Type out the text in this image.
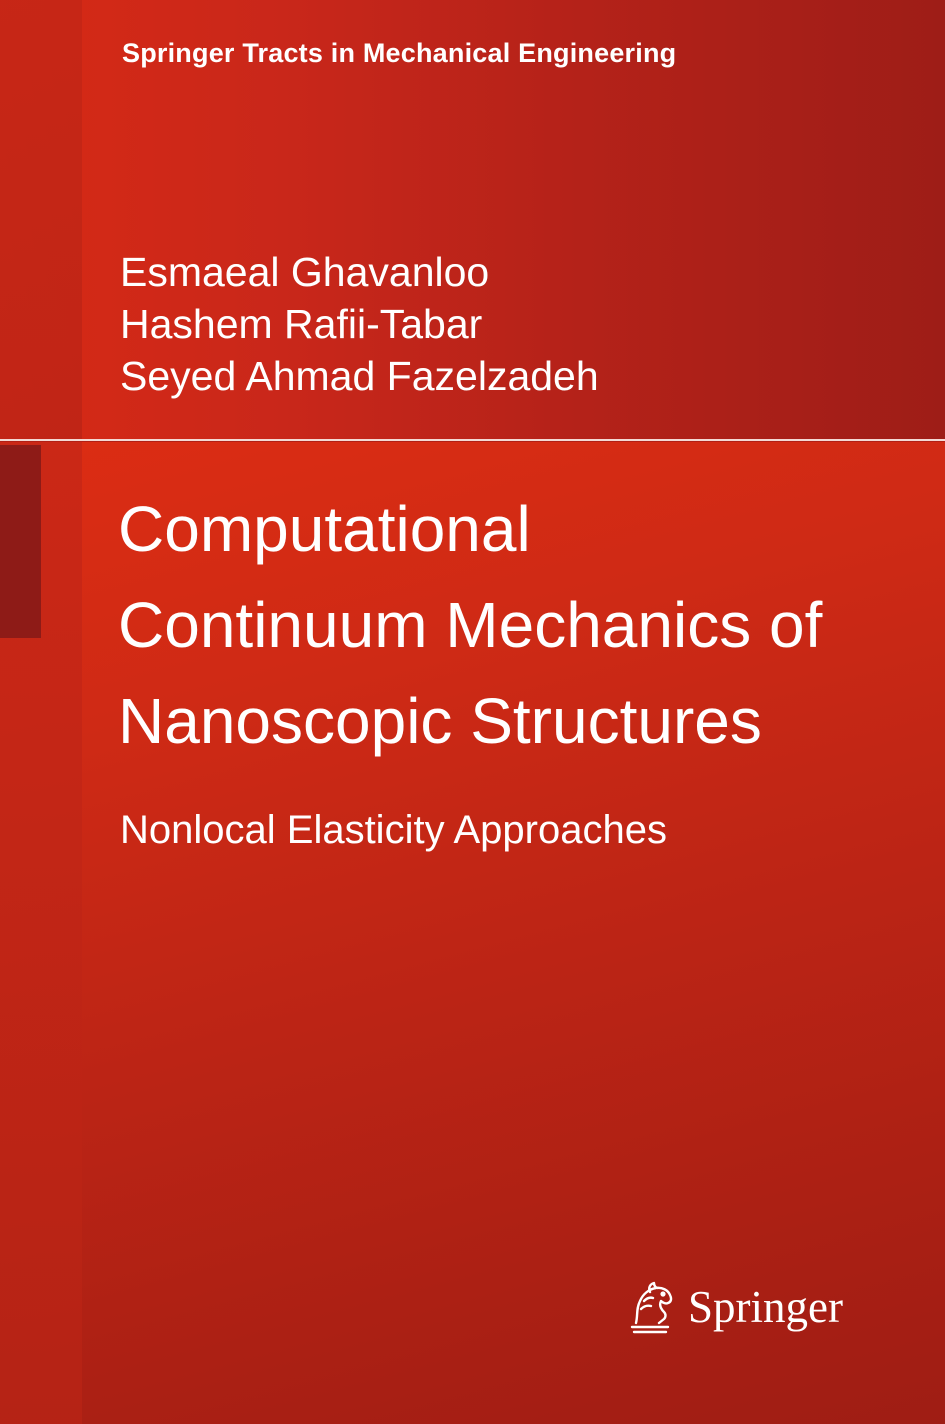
Springer Tracts in Mechanical Engineering
Esmaeal Ghavanloo
Hashem Rafii-Tabar
Seyed Ahmad Fazelzadeh
Computational
Continuum Mechanics of
Nanoscopic Structures
Nonlocal Elasticity Approaches
Springer
